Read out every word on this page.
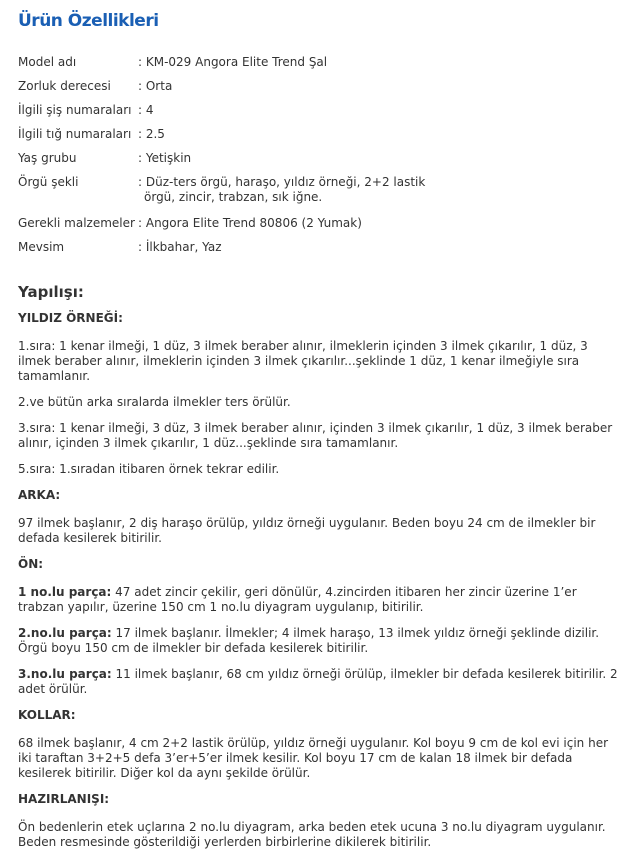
Ürün Özellikleri
Model adı	: KM-029 Angora Elite Trend Şal
Zorluk derecesi	: Orta
İlgili şiş numaraları : 4
İlgili tığ numaraları : 2.5
Yaş grubu	: Yetişkin
Örgü şekli	: Düz-ters örgü, haraşo, yıldız örneği, 2+2 lastik
örgü, zincir, trabzan, sık iğne.
Gerekli malzemeler : Angora Elite Trend 80806 (2 Yumak)
Mevsim	: İlkbahar, Yaz
Yapılışı:
YILDIZ ÖRNEĞİ:
1.sıra: 1 kenar ilmeği, 1 düz, 3 ilmek beraber alınır, ilmeklerin içinden 3 ilmek çıkarılır, 1 düz, 3 ilmek beraber alınır, ilmeklerin içinden 3 ilmek çıkarılır...şeklinde 1 düz, 1 kenar ilmeğiyle sıra tamamlanır.
2.ve bütün arka sıralarda ilmekler ters örülür.
3.sıra: 1 kenar ilmeği, 3 düz, 3 ilmek beraber alınır, içinden 3 ilmek çıkarılır, 1 düz, 3 ilmek beraber alınır, içinden 3 ilmek çıkarılır, 1 düz...şeklinde sıra tamamlanır.
5.sıra: 1.sıradan itibaren örnek tekrar edilir.
ARKA:
97 ilmek başlanır, 2 diş haraşo örülüp, yıldız örneği uygulanır. Beden boyu 24 cm de ilmekler bir defada kesilerek bitirilir.
ÖN:
1 no.lu parça: 47 adet zincir çekilir, geri dönülür, 4.zincirden itibaren her zincir üzerine 1’er trabzan yapılır, üzerine 150 cm 1 no.lu diyagram uygulanıp, bitirilir.
2.no.lu parça: 17 ilmek başlanır. İlmekler; 4 ilmek haraşo, 13 ilmek yıldız örneği şeklinde dizilir. Örgü boyu 150 cm de ilmekler bir defada kesilerek bitirilir.
3.no.lu parça: 11 ilmek başlanır, 68 cm yıldız örneği örülüp, ilmekler bir defada kesilerek bitirilir. 2 adet örülür.
KOLLAR:
68 ilmek başlanır, 4 cm 2+2 lastik örülüp, yıldız örneği uygulanır. Kol boyu 9 cm de kol evi için her iki taraftan 3+2+5 defa 3’er+5’er ilmek kesilir. Kol boyu 17 cm de kalan 18 ilmek bir defada kesilerek bitirilir. Diğer kol da aynı şekilde örülür.
HAZIRLANIŞI:
Ön bedenlerin etek uçlarına 2 no.lu diyagram, arka beden etek ucuna 3 no.lu diyagram uygulanır. Beden resmesinde gösterildiği yerlerden birbirlerine dikilerek bitirilir.
